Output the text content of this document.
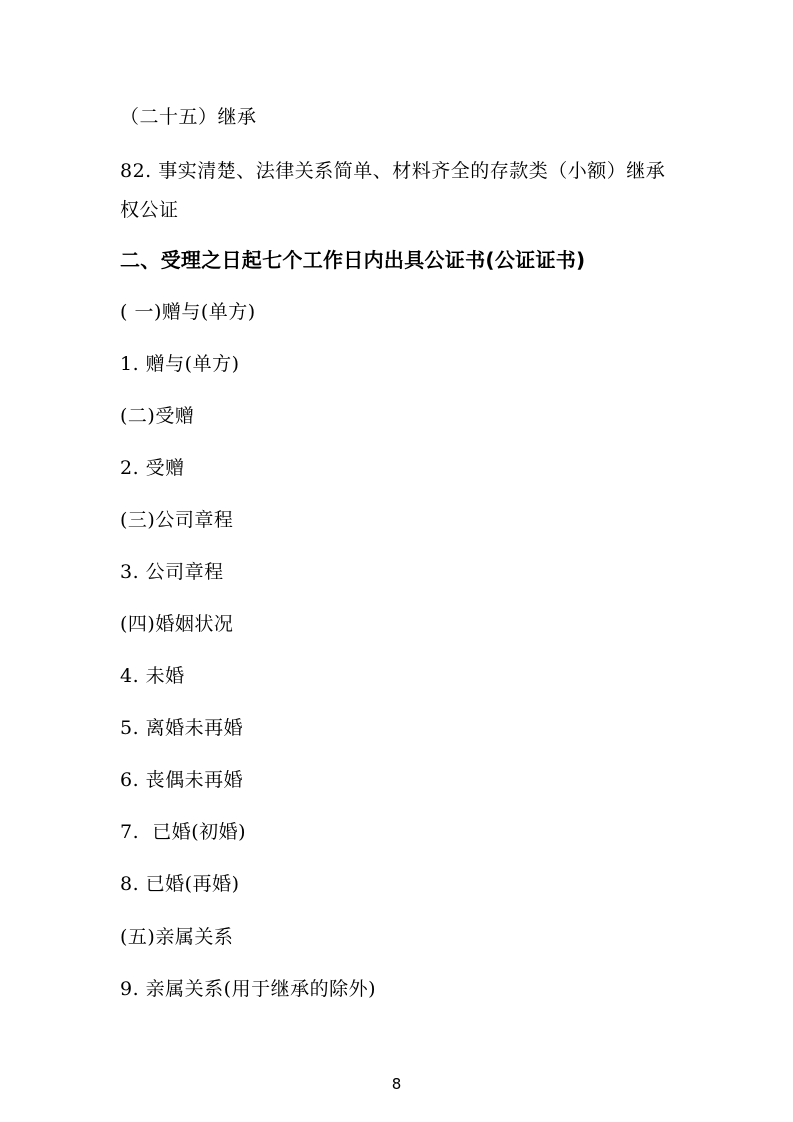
（二十五）继承
82. 事实清楚、法律关系简单、材料齐全的存款类（小额）继承权公证
二、受理之日起七个工作日内出具公证书(公证证书)
( 一)赠与(单方)
1. 赠与(单方)
(二)受赠
2. 受赠
(三)公司章程
3. 公司章程
(四)婚姻状况
4. 未婚
5. 离婚未再婚
6. 丧偶未再婚
7.  已婚(初婚)
8. 已婚(再婚)
(五)亲属关系
9. 亲属关系(用于继承的除外)
8
